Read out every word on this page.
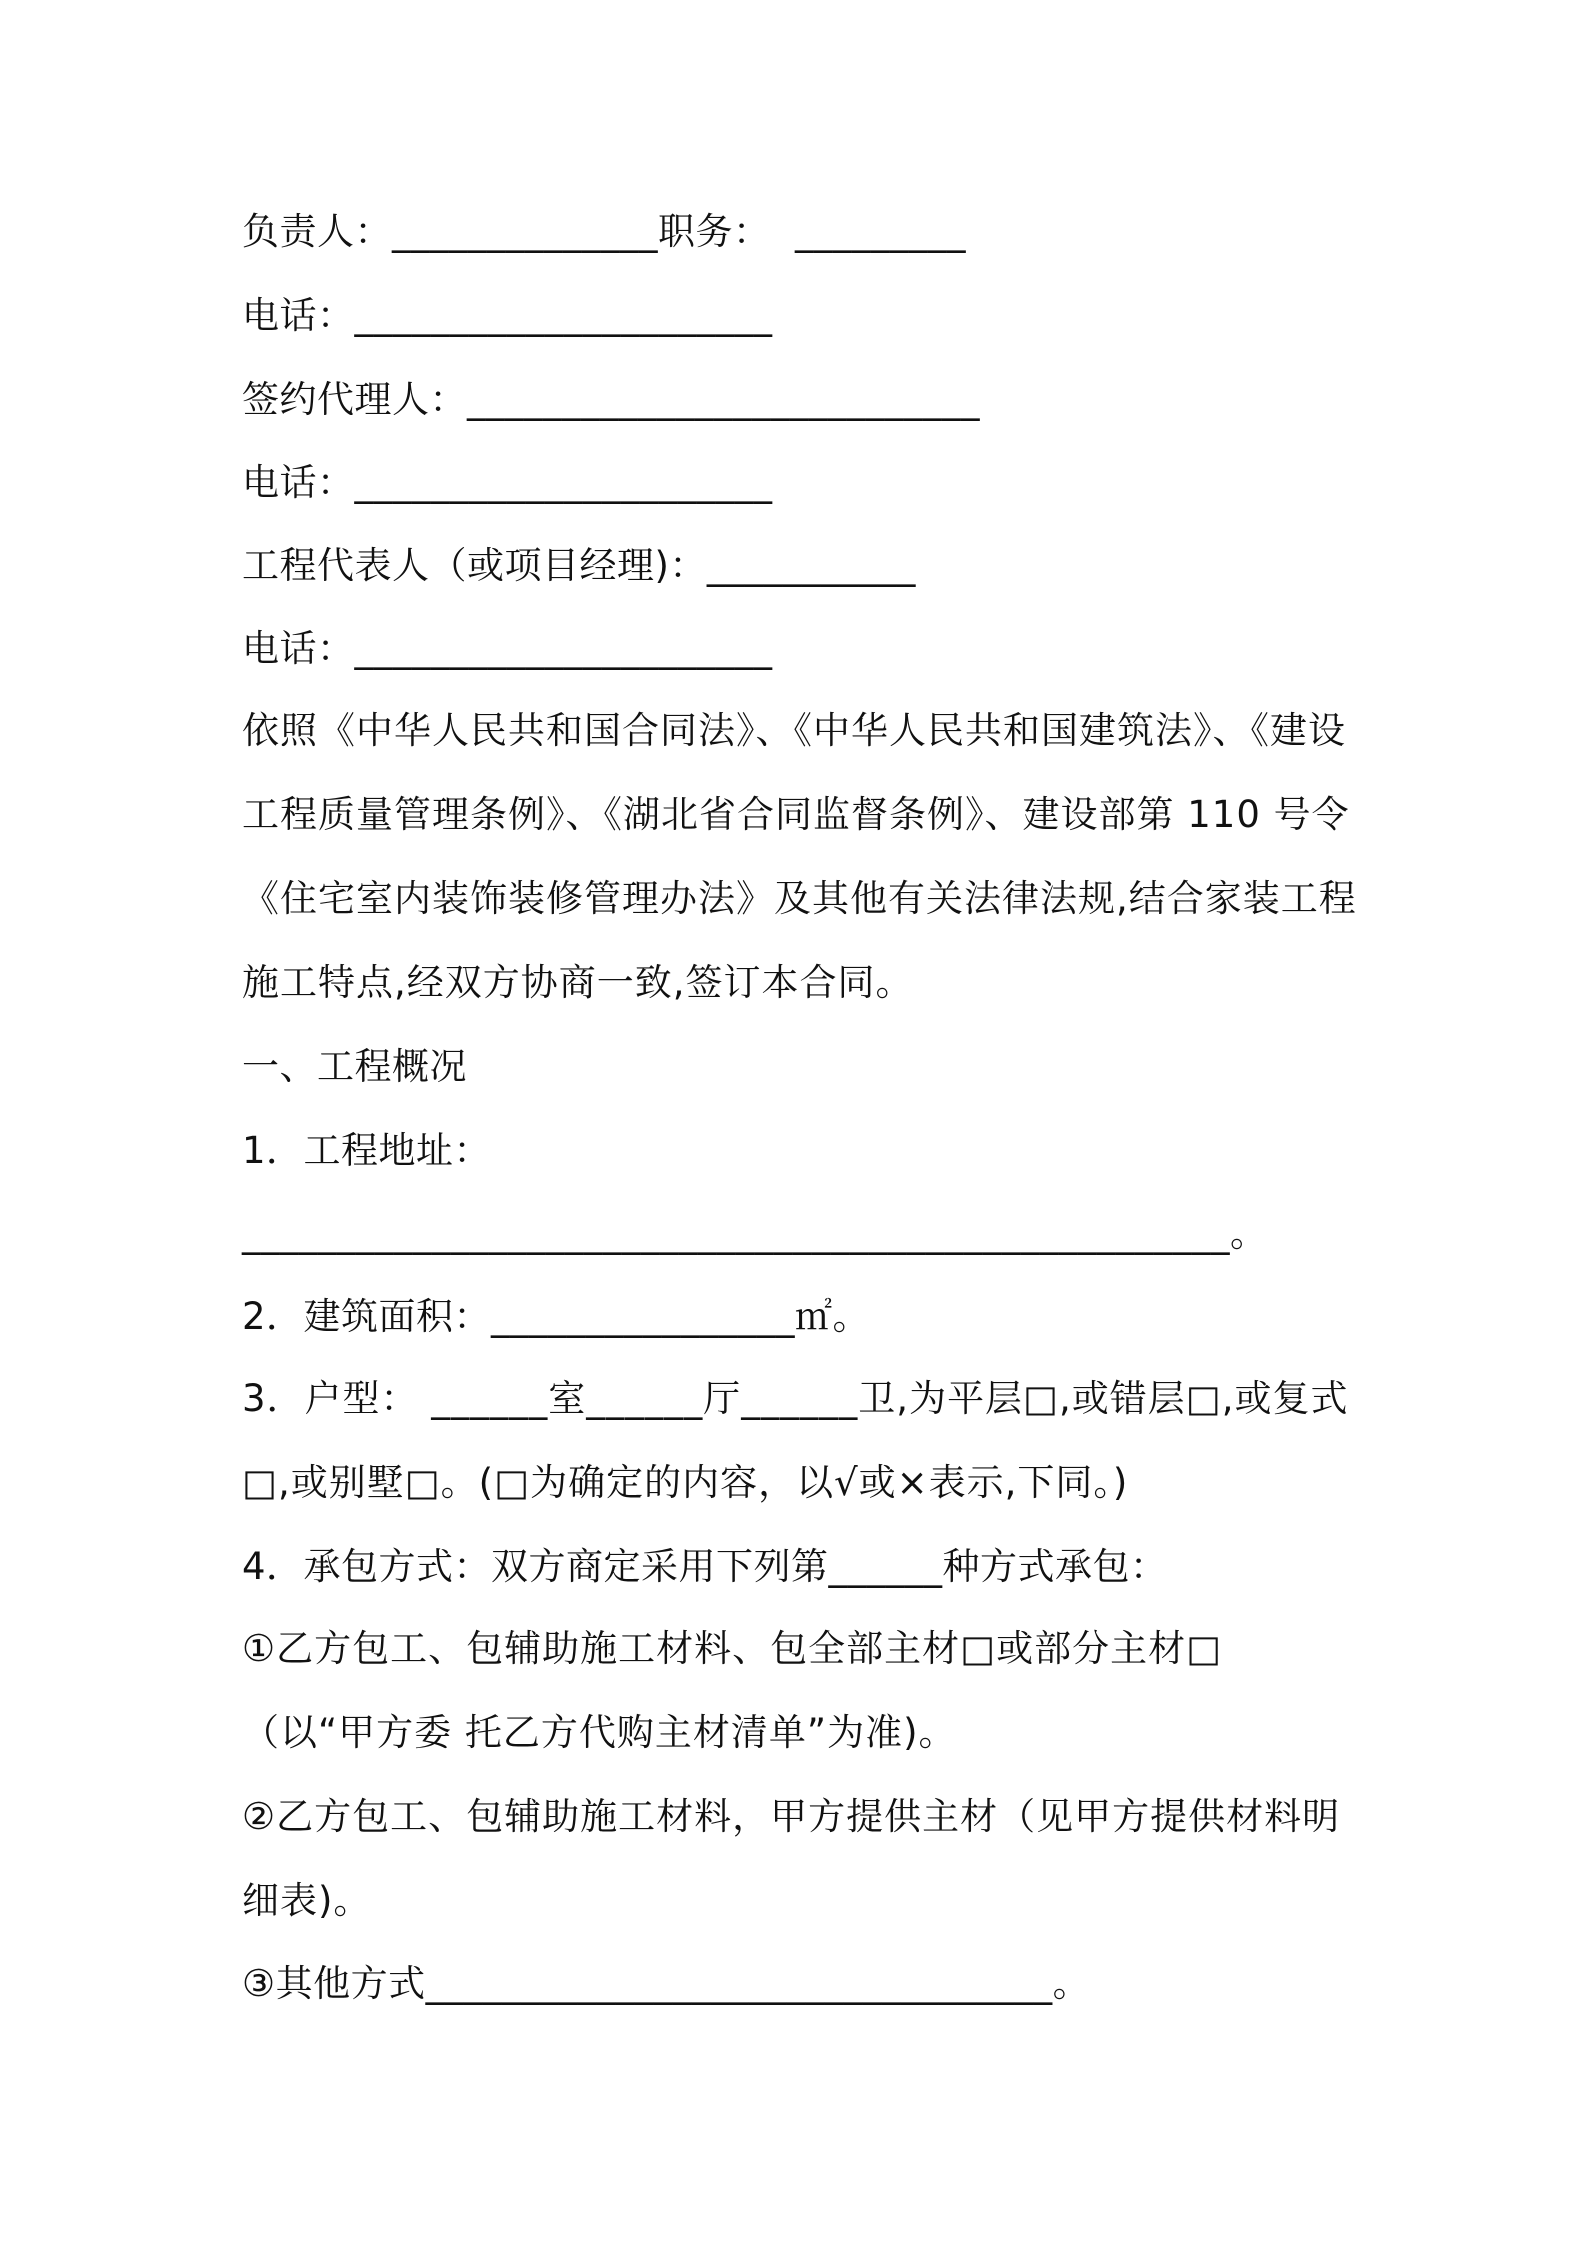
负责人：______________职务：  _________
电话：______________________
签约代理人：___________________________
电话：______________________
工程代表人（或项目经理)：___________
电话：______________________
依照《中华人民共和国合同法》、《中华人民共和国建筑法》、《建设工程质量管理条例》、《湖北省合同监督条例》、建设部第 110 号令《住宅室内装饰装修管理办法》及其他有关法律法规,结合家装工程施工特点,经双方协商一致,签订本合同。
一、工程概况
1．工程地址：
____________________________________________________。
2．建筑面积：________________㎡。
3．户型： ______室______厅______卫,为平层□,或错层□,或复式□,或别墅□。(□为确定的内容，以√或×表示,下同。)
4．承包方式：双方商定采用下列第______种方式承包：
①乙方包工、包辅助施工材料、包全部主材□或部分主材□ （以“甲方委 托乙方代购主材清单”为准)。
②乙方包工、包辅助施工材料，甲方提供主材（见甲方提供材料明细表)。
③其他方式_________________________________。
